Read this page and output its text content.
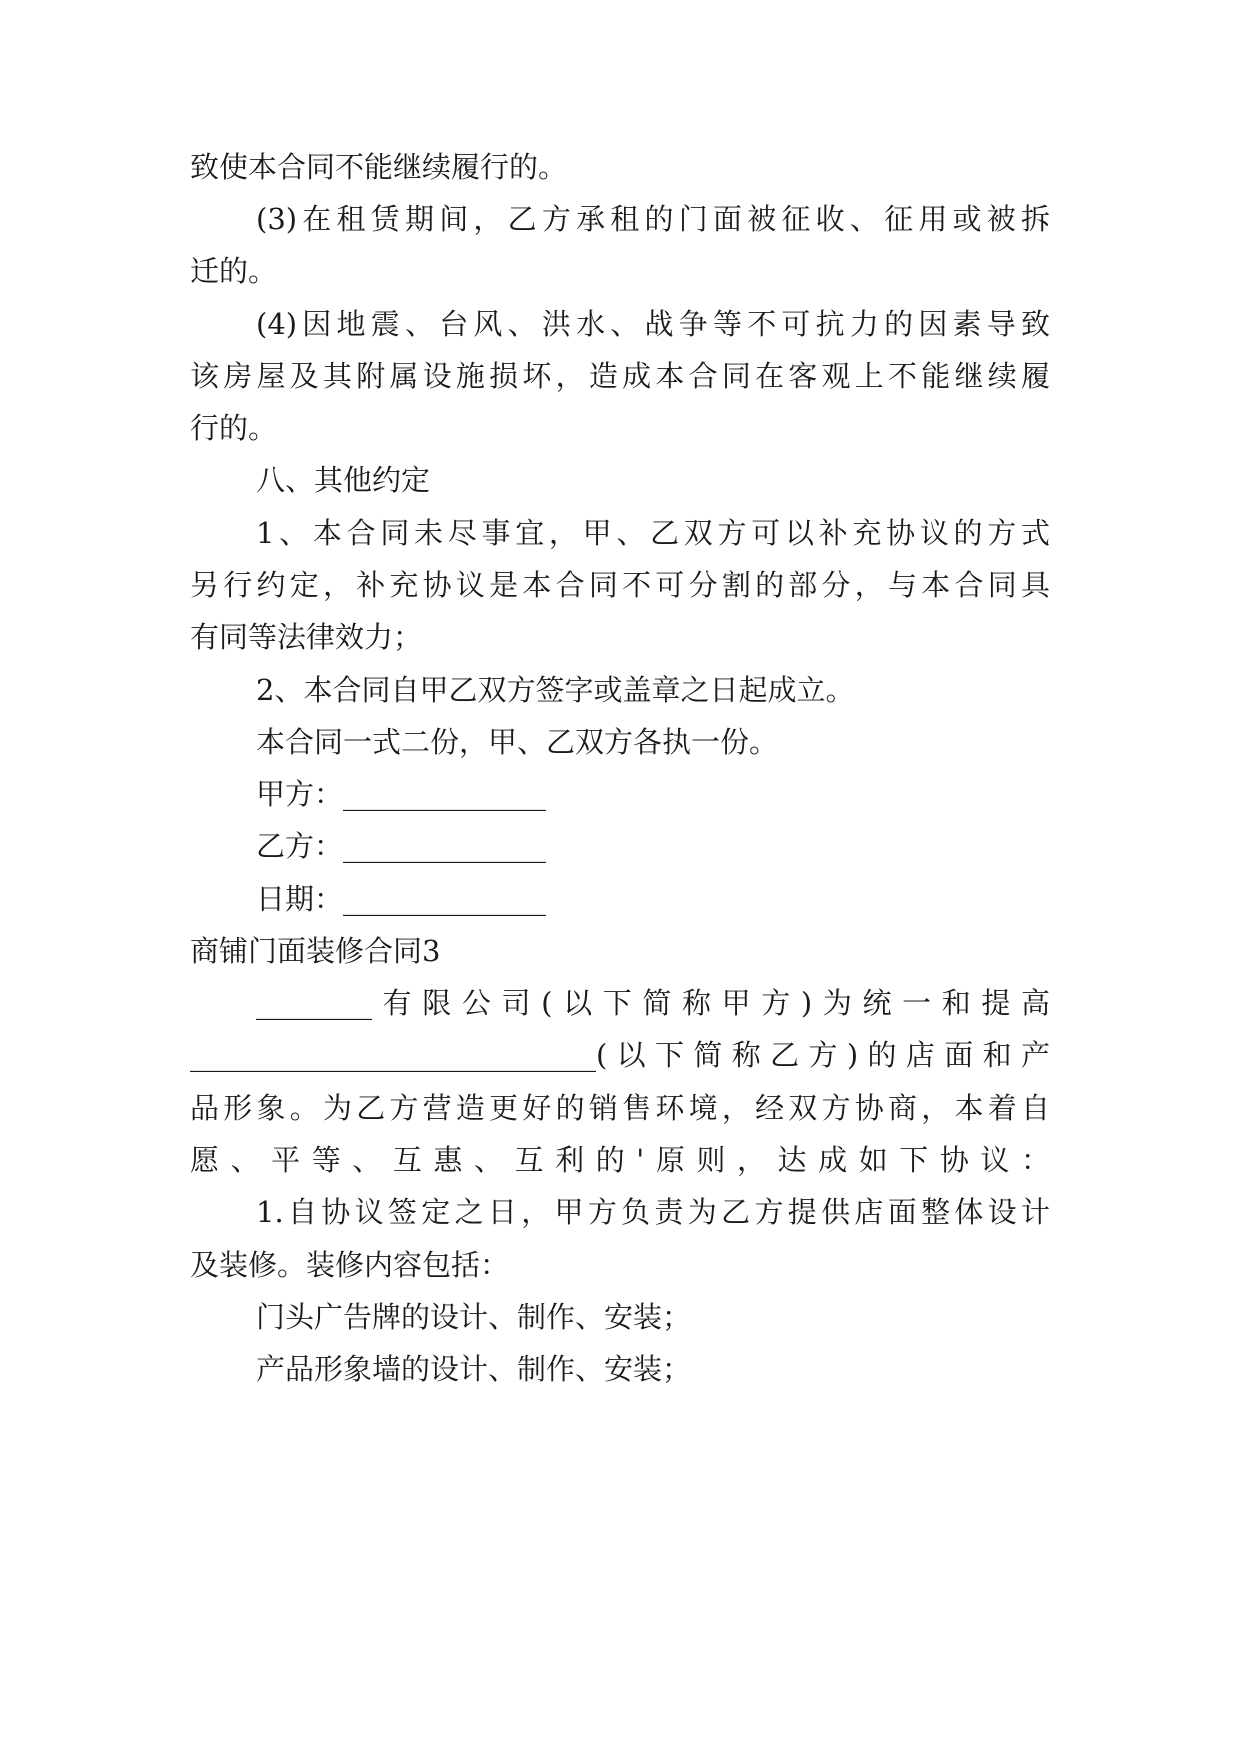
致使本合同不能继续履行的。
(3)在租赁期间，乙方承租的门面被征收、征用或被拆
迁的。
(4)因地震、台风、洪水、战争等不可抗力的因素导致
该房屋及其附属设施损坏，造成本合同在客观上不能继续履
行的。
八、其他约定
1、本合同未尽事宜，甲、乙双方可以补充协议的方式
另行约定，补充协议是本合同不可分割的部分，与本合同具
有同等法律效力；
2、本合同自甲乙双方签字或盖章之日起成立。
本合同一式二份，甲、乙双方各执一份。
甲方：______________
乙方：______________
日期：______________
商铺门面装修合同3
________有限公司(以下简称甲方)为统一和提高
____________________________(以下简称乙方)的店面和产
品形象。为乙方营造更好的销售环境，经双方协商，本着自
愿、平等、互惠、互利的'原则，达成如下协议：
1.自协议签定之日，甲方负责为乙方提供店面整体设计
及装修。装修内容包括：
门头广告牌的设计、制作、安装；
产品形象墙的设计、制作、安装；
